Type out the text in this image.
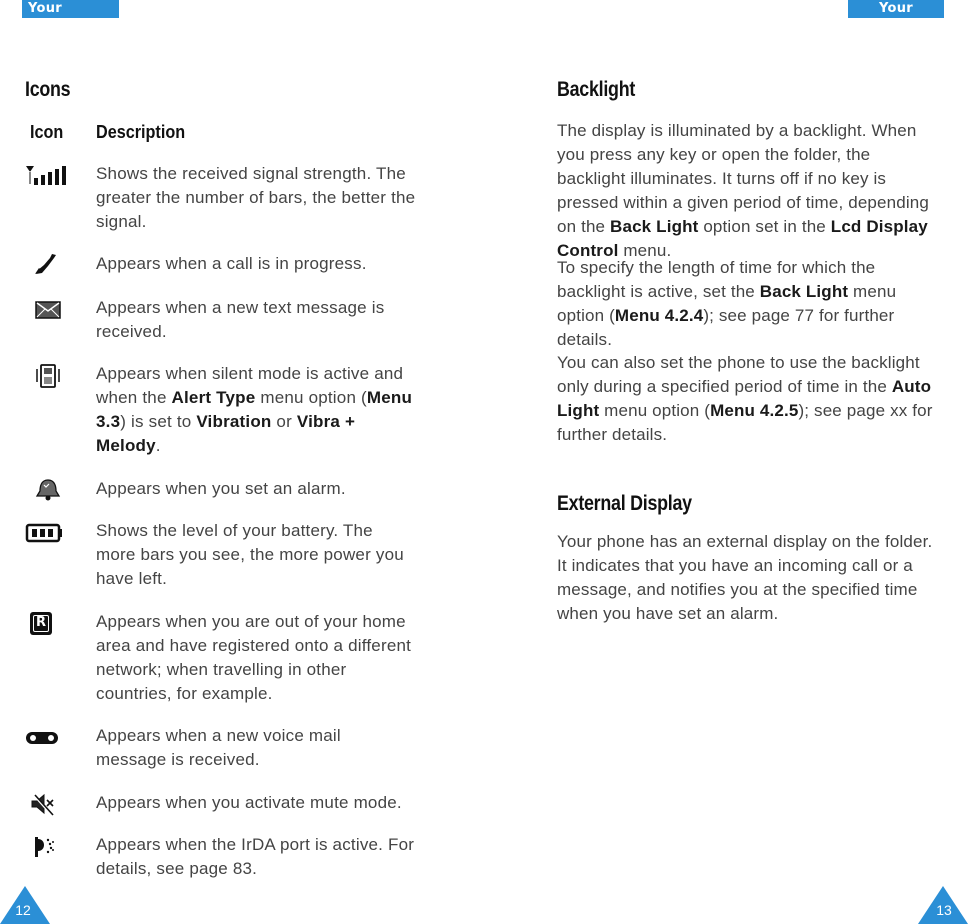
Your Phone
Your Phone
Icons
Icon Description
Shows the received signal strength. The greater the number of bars, the better the signal.
Appears when a call is in progress.
Appears when a new text message is received.
Appears when silent mode is active and when the Alert Type menu option (Menu 3.3) is set to Vibration or Vibra + Melody.
Appears when you set an alarm.
Shows the level of your battery. The more bars you see, the more power you have left.
R	Appears when you are out of your home area and have registered onto a different network; when travelling in other countries, for example.
Appears when a new voice mail message is received.
Appears when you activate mute mode.
Appears when the IrDA port is active. For details, see page 83.
Backlight
The display is illuminated by a backlight. When you press any key or open the folder, the backlight illuminates. It turns off if no key is pressed within a given period of time, depending on the Back Light option set in the Lcd Display Control menu.
To specify the length of time for which the backlight is active, set the Back Light menu option (Menu 4.2.4); see page 77 for further details.
You can also set the phone to use the backlight only during a specified period of time in the Auto Light menu option (Menu 4.2.5); see page xx for further details.
External Display
Your phone has an external display on the folder. It indicates that you have an incoming call or a message, and notifies you at the specified time when you have set an alarm.
12	13
